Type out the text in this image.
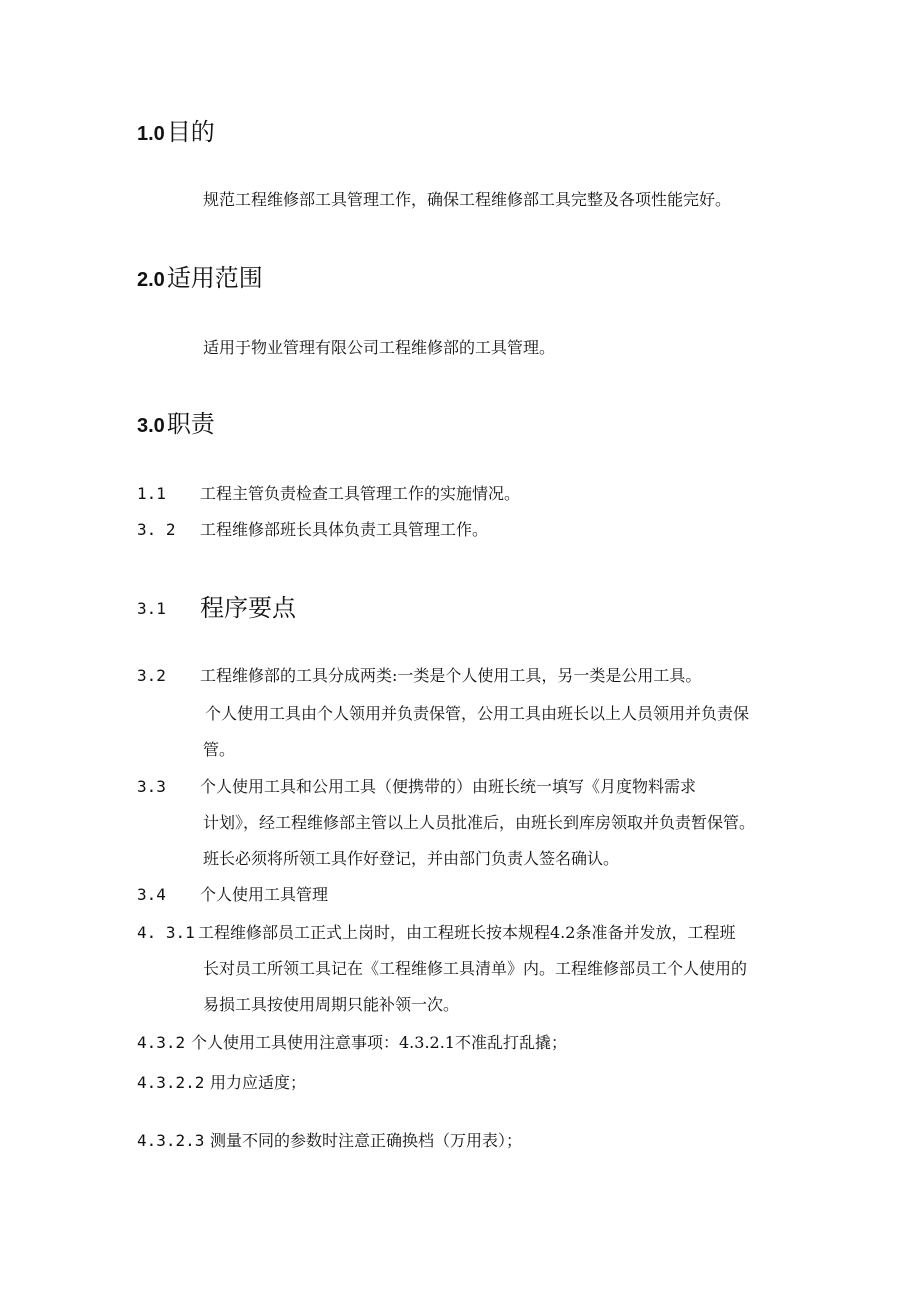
1.0目的
规范工程维修部工具管理工作，确保工程维修部工具完整及各项性能完好。
2.0适用范围
适用于物业管理有限公司工程维修部的工具管理。
3.0职责
1.1 工程主管负责检查工具管理工作的实施情况。
3. 2 工程维修部班长具体负责工具管理工作。
3.1 程序要点
3.2 工程维修部的工具分成两类:一类是个人使用工具，另一类是公用工具。
个人使用工具由个人领用并负责保管，公用工具由班长以上人员领用并负责保
管。
3.3 个人使用工具和公用工具（便携带的）由班长统一填写《月度物料需求
计划》，经工程维修部主管以上人员批准后，由班长到库房领取并负责暂保管。
班长必须将所领工具作好登记，并由部门负责人签名确认。
3.4 个人使用工具管理
4. 3.1 工程维修部员工正式上岗时，由工程班长按本规程4.2条准备并发放，工程班
长对员工所领工具记在《工程维修工具清单》内。工程维修部员工个人使用的
易损工具按使用周期只能补领一次。
4.3.2 个人使用工具使用注意事项：4.3.2.1不准乱打乱撬；
4.3.2.2 用力应适度；
4.3.2.3 测量不同的参数时注意正确换档（万用表）；
